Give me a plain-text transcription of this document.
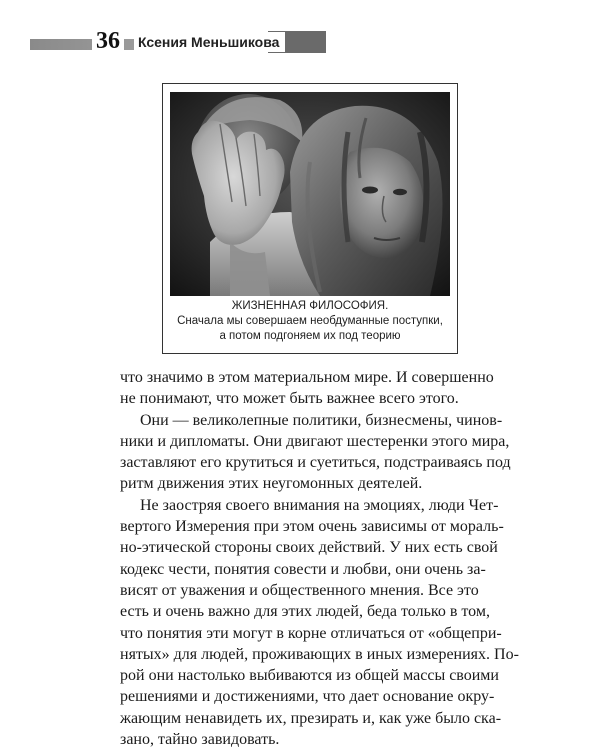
36 Ксения Меньшикова
ЖИЗНЕННАЯ ФИЛОСОФИЯ.
Сначала мы совершаем необдуманные поступки,
а потом подгоняем их под теорию
что значимо в этом материальном мире. И совершенно
не понимают, что может быть важнее всего этого.
Они — великолепные политики, бизнесмены, чинов-
ники и дипломаты. Они двигают шестеренки этого мира,
заставляют его крутиться и суетиться, подстраиваясь под
ритм движения этих неугомонных деятелей.
Не заостряя своего внимания на эмоциях, люди Чет-
вертого Измерения при этом очень зависимы от мораль-
но-этической стороны своих действий. У них есть свой
кодекс чести, понятия совести и любви, они очень за-
висят от уважения и общественного мнения. Все это
есть и очень важно для этих людей, беда только в том,
что понятия эти могут в корне отличаться от «общепри-
нятых» для людей, проживающих в иных измерениях. По-
рой они настолько выбиваются из общей массы своими
решениями и достижениями, что дает основание окру-
жающим ненавидеть их, презирать и, как уже было ска-
зано, тайно завидовать.
